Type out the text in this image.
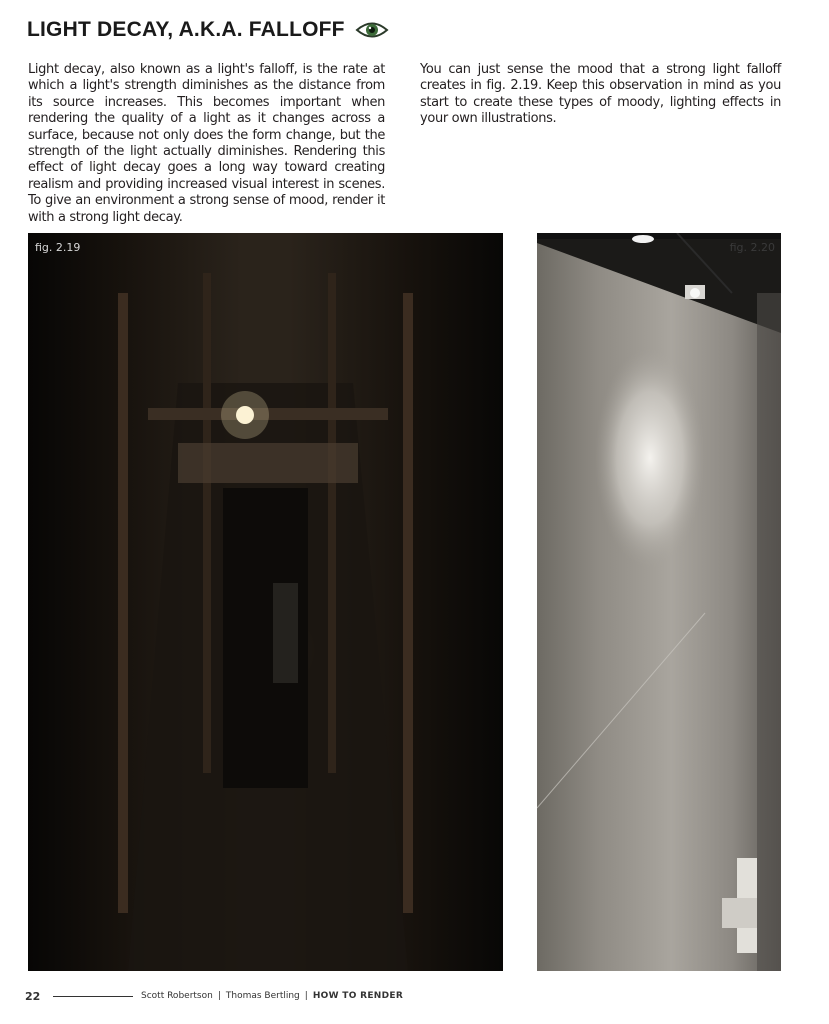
LIGHT DECAY, A.K.A. FALLOFF

Light decay, also known as a light's falloff, is the rate at which a light's strength diminishes as the distance from its source increases. This becomes important when rendering the quality of a light as it changes across a surface, because not only does the form change, but the strength of the light actually diminishes. Rendering this effect of light decay goes a long way toward creating realism and providing increased visual interest in scenes. To give an environment a strong sense of mood, render it with a strong light decay.

You can just sense the mood that a strong light falloff creates in fig. 2.19. Keep this observation in mind as you start to create these types of moody, lighting effects in your own illustrations.

fig. 2.19	fig. 2.20
22	Scott Robertson | Thomas Bertling | HOW TO RENDER
